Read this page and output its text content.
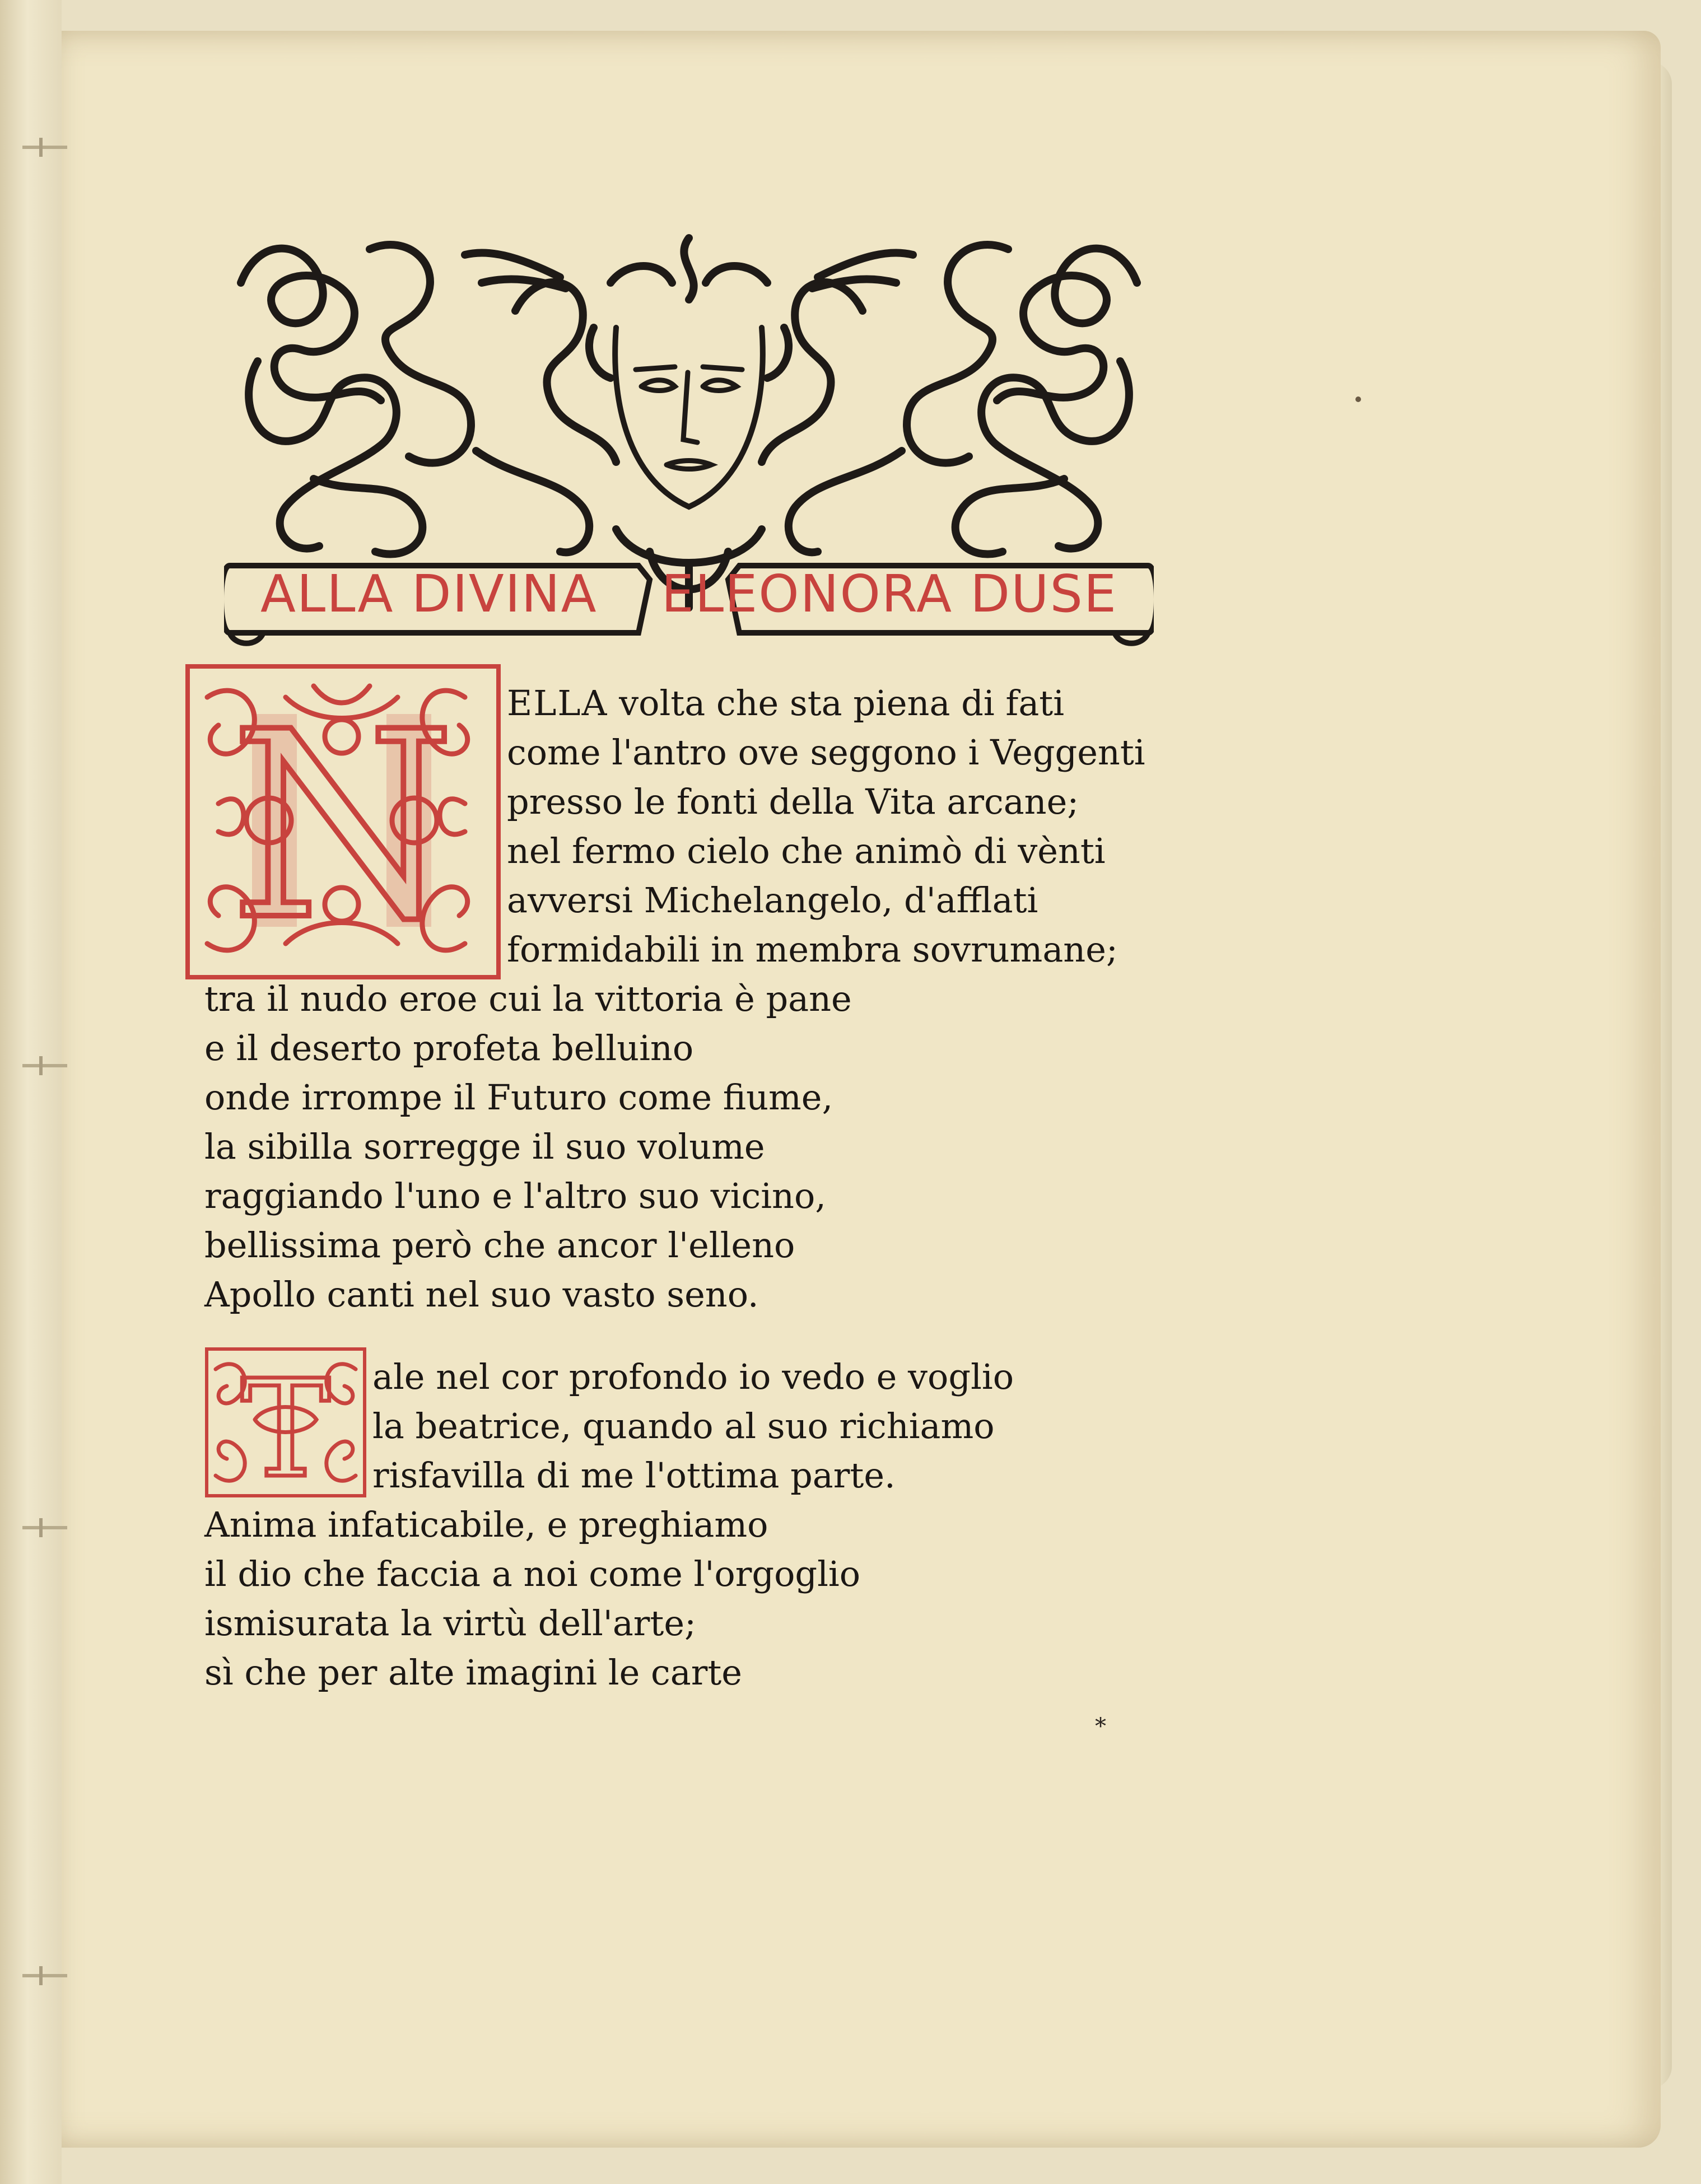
ALLA DIVINA ELEONORA DUSE
N ELLA volta che sta piena di fati
come l'antro ove seggono i Veggenti
presso le fonti della Vita arcane;
nel fermo cielo che animò di vènti
avversi Michelangelo, d'afflati
formidabili in membra sovrumane;
tra il nudo eroe cui la vittoria è pane
e il deserto profeta belluino
onde irrompe il Futuro come fiume,
la sibilla sorregge il suo volume
raggiando l'uno e l'altro suo vicino,
bellissima però che ancor l'elleno
Apollo canti nel suo vasto seno.
T ale nel cor profondo io vedo e voglio
la beatrice, quando al suo richiamo
risfavilla di me l'ottima parte.
Anima infaticabile, e preghiamo
il dio che faccia a noi come l'orgoglio
ismisurata la virtù dell'arte;
sì che per alte imagini le carte
*
